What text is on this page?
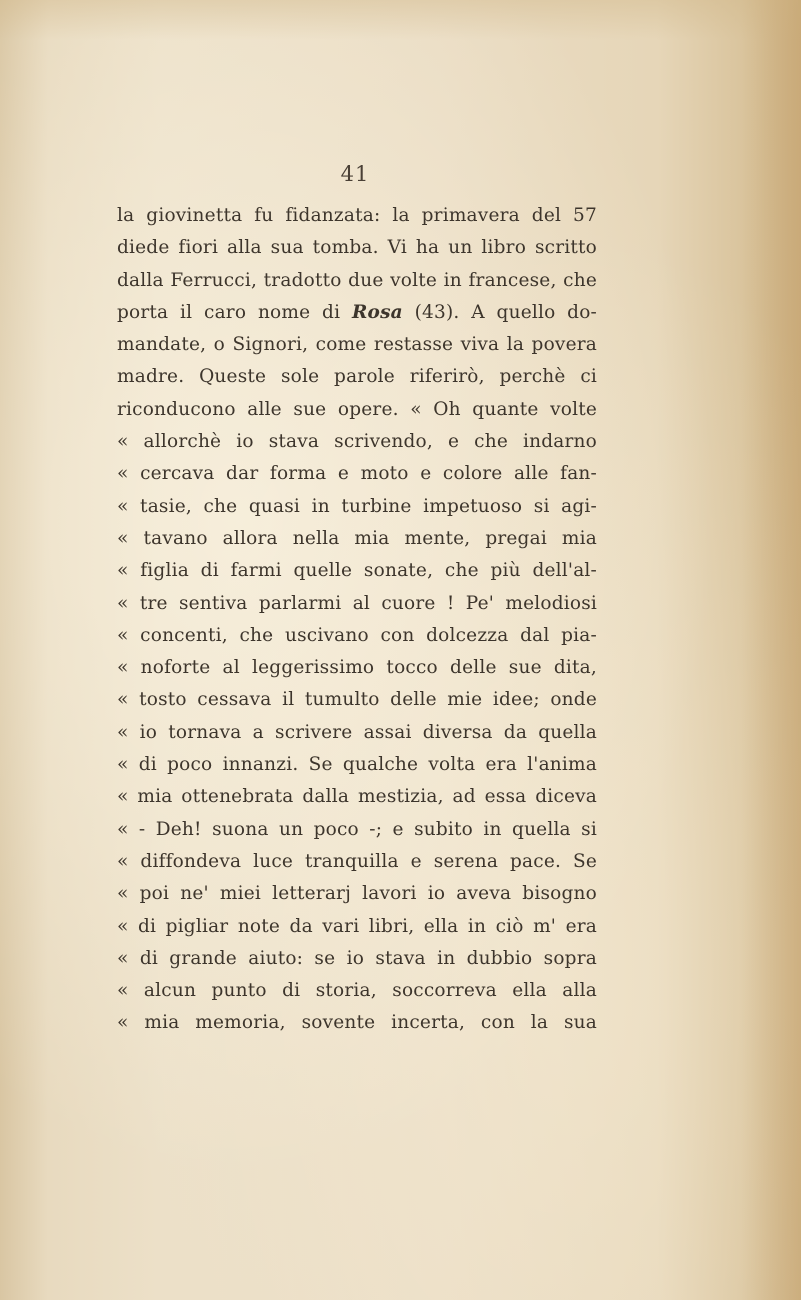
41
la giovinetta fu fidanzata: la primavera del 57
diede fiori alla sua tomba. Vi ha un libro scritto
dalla Ferrucci, tradotto due volte in francese, che
porta il caro nome di Rosa (43). A quello do-
mandate, o Signori, come restasse viva la povera
madre. Queste sole parole riferirò, perchè ci
riconducono alle sue opere. « Oh quante volte
« allorchè io stava scrivendo, e che indarno
« cercava dar forma e moto e colore alle fan-
« tasie, che quasi in turbine impetuoso si agi-
« tavano allora nella mia mente, pregai mia
« figlia di farmi quelle sonate, che più dell'al-
« tre sentiva parlarmi al cuore ! Pe' melodiosi
« concenti, che uscivano con dolcezza dal pia-
« noforte al leggerissimo tocco delle sue dita,
« tosto cessava il tumulto delle mie idee; onde
« io tornava a scrivere assai diversa da quella
« di poco innanzi. Se qualche volta era l'anima
« mia ottenebrata dalla mestizia, ad essa diceva
« - Deh! suona un poco -; e subito in quella si
« diffondeva luce tranquilla e serena pace. Se
« poi ne' miei letterarj lavori io aveva bisogno
« di pigliar note da vari libri, ella in ciò m' era
« di grande aiuto: se io stava in dubbio sopra
« alcun punto di storia, soccorreva ella alla
« mia memoria, sovente incerta, con la sua
